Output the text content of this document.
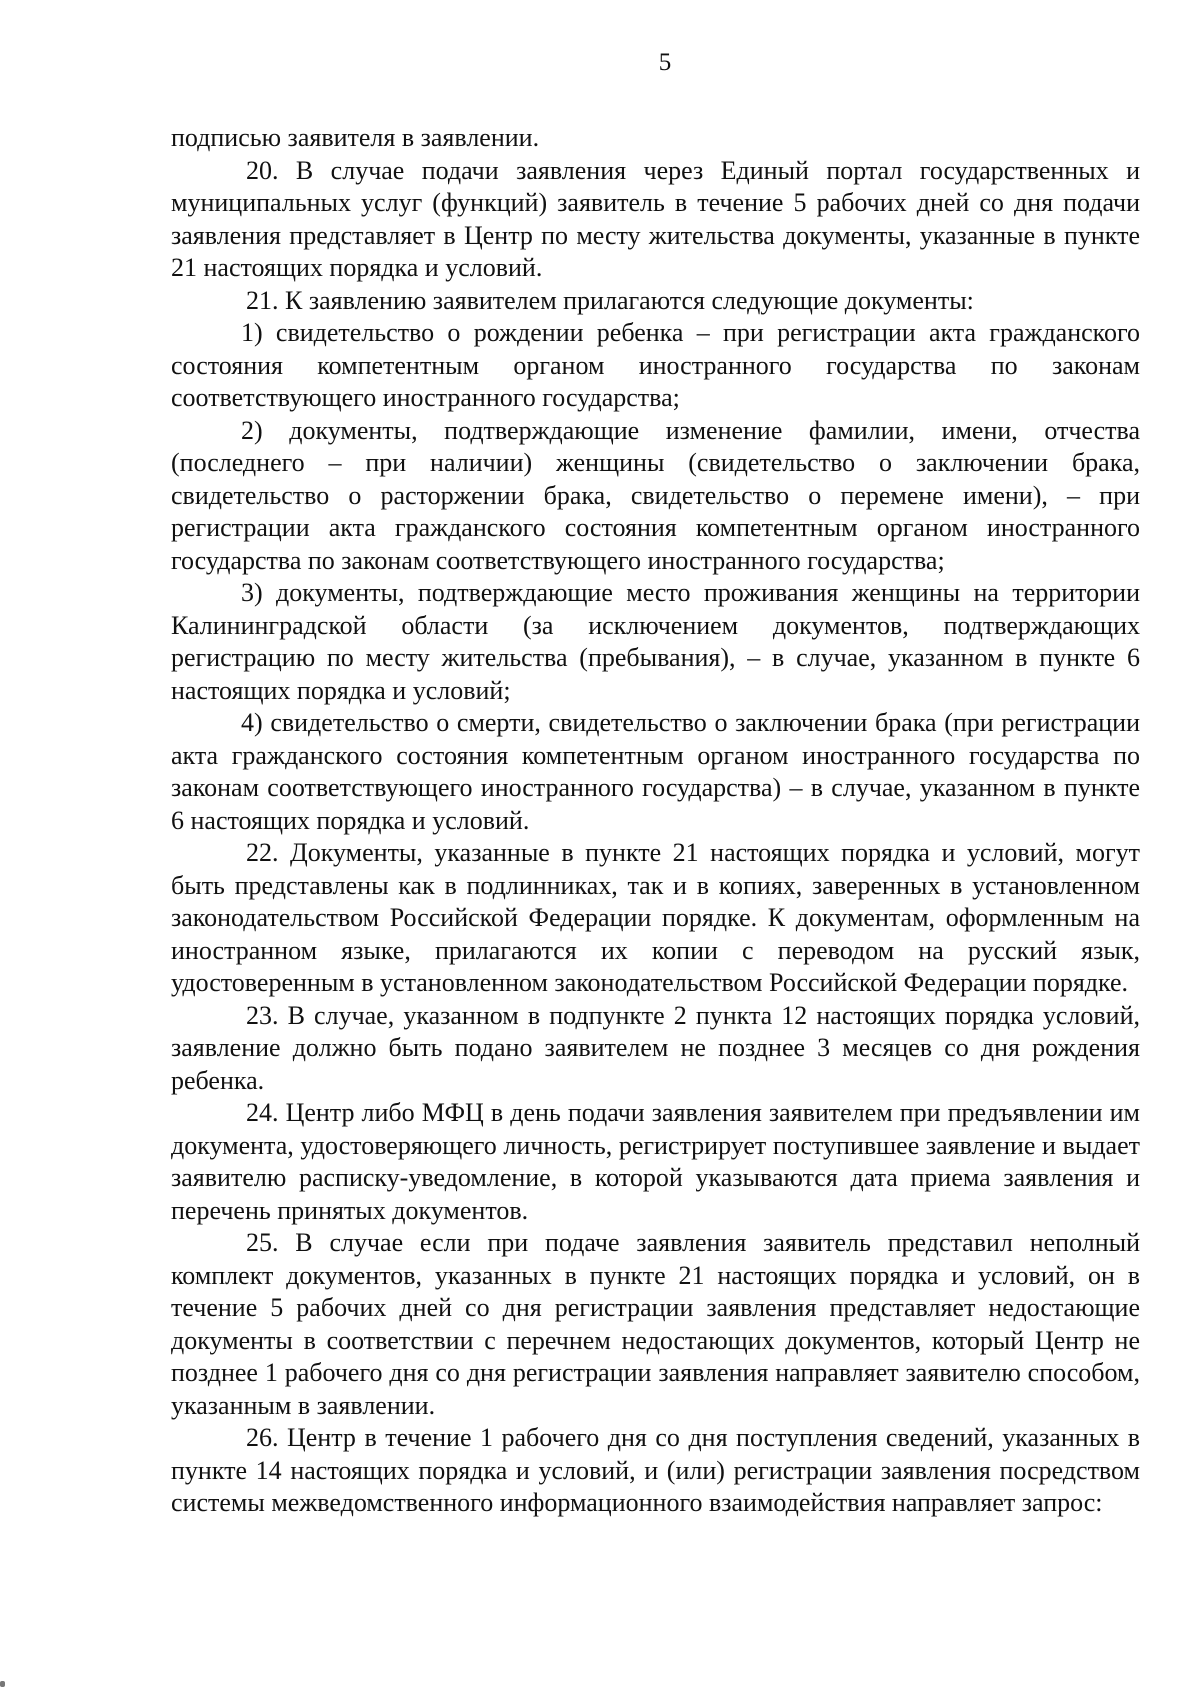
5

подписью заявителя в заявлении.

20. В случае подачи заявления через Единый портал государственных и муниципальных услуг (функций) заявитель в течение 5 рабочих дней со дня подачи заявления представляет в Центр по месту жительства документы, указанные в пункте 21 настоящих порядка и условий.

21. К заявлению заявителем прилагаются следующие документы:

1) свидетельство о рождении ребенка – при регистрации акта гражданского состояния компетентным органом иностранного государства по законам соответствующего иностранного государства;

2) документы, подтверждающие изменение фамилии, имени, отчества (последнего – при наличии) женщины (свидетельство о заключении брака, свидетельство о расторжении брака, свидетельство о перемене имени), – при регистрации акта гражданского состояния компетентным органом иностранного государства по законам соответствующего иностранного государства;

3) документы, подтверждающие место проживания женщины на территории Калининградской области (за исключением документов, подтверждающих регистрацию по месту жительства (пребывания), – в случае, указанном в пункте 6 настоящих порядка и условий;

4) свидетельство о смерти, свидетельство о заключении брака (при регистрации акта гражданского состояния компетентным органом иностранного государства по законам соответствующего иностранного государства) – в случае, указанном в пункте 6 настоящих порядка и условий.

22. Документы, указанные в пункте 21 настоящих порядка и условий, могут быть представлены как в подлинниках, так и в копиях, заверенных в установленном законодательством Российской Федерации порядке. К документам, оформленным на иностранном языке, прилагаются их копии с переводом на русский язык, удостоверенным в установленном законодательством Российской Федерации порядке.

23. В случае, указанном в подпункте 2 пункта 12 настоящих порядка условий, заявление должно быть подано заявителем не позднее 3 месяцев со дня рождения ребенка.

24. Центр либо МФЦ в день подачи заявления заявителем при предъявлении им документа, удостоверяющего личность, регистрирует поступившее заявление и выдает заявителю расписку-уведомление, в которой указываются дата приема заявления и перечень принятых документов.

25. В случае если при подаче заявления заявитель представил неполный комплект документов, указанных в пункте 21 настоящих порядка и условий, он в течение 5 рабочих дней со дня регистрации заявления представляет недостающие документы в соответствии с перечнем недостающих документов, который Центр не позднее 1 рабочего дня со дня регистрации заявления направляет заявителю способом, указанным в заявлении.

26. Центр в течение 1 рабочего дня со дня поступления сведений, указанных в пункте 14 настоящих порядка и условий, и (или) регистрации заявления посредством системы межведомственного информационного взаимодействия направляет запрос:
